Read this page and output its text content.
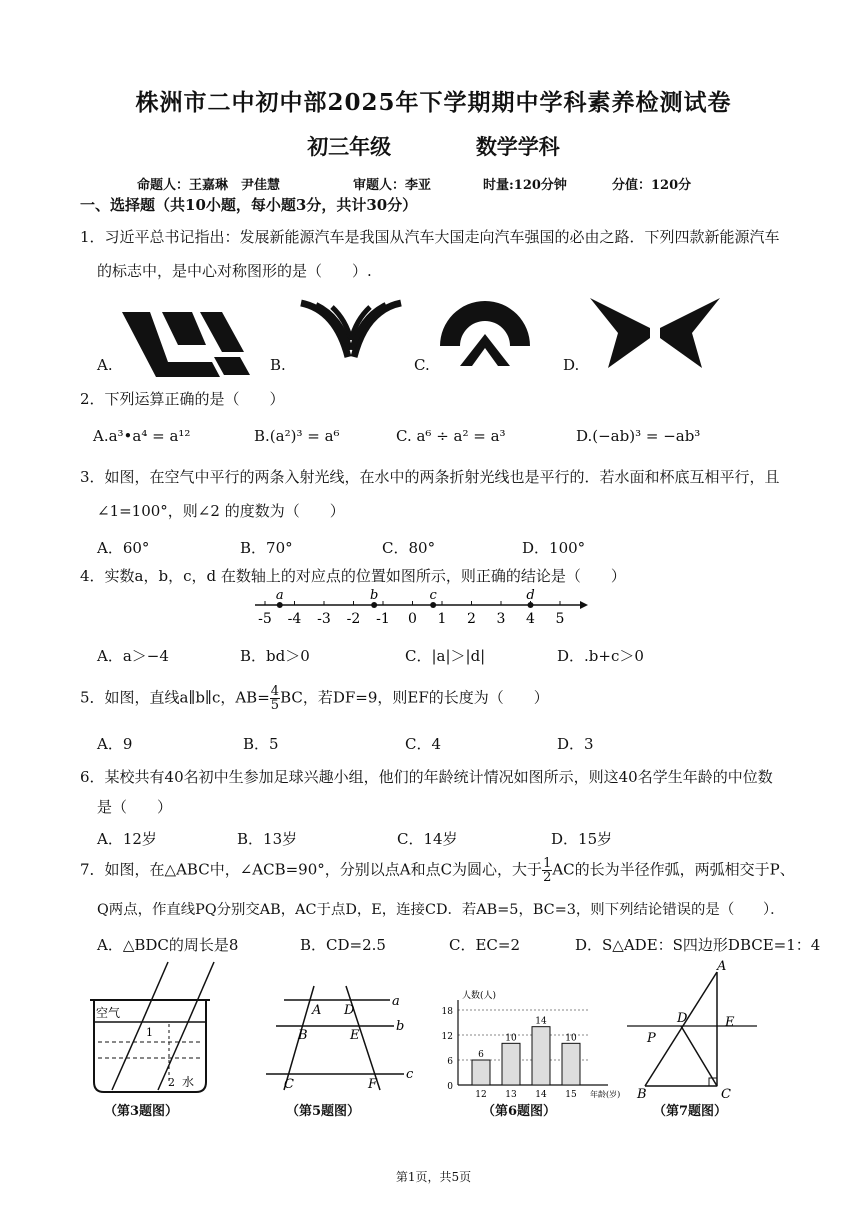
株洲市二中初中部2025年下学期期中学科素养检测试卷
初三年级	数学学科
命题人：王嘉琳　尹佳慧	审题人：李亚	时量:120分钟	分值：120分
一、选择题（共10小题，每小题3分，共计30分）
1．习近平总书记指出：发展新能源汽车是我国从汽车大国走向汽车强国的必由之路．下列四款新能源汽车
的标志中，是中心对称图形的是（　　）.
A.	B.	C.	D.
2．下列运算正确的是（　　）
A.a³•a⁴ = a¹²	B.(a²)³ = a⁶	C. a⁶ ÷ a² = a³	D.(−ab)³ = −ab³
3．如图，在空气中平行的两条入射光线，在水中的两条折射光线也是平行的．若水面和杯底互相平行，且
∠1=100°，则∠2 的度数为（　　）
A．60°	B．70°	C．80°	D．100°
4．实数a，b，c，d 在数轴上的对应点的位置如图所示，则正确的结论是（　　）
-5 -4 -3 -2 -1 0 1 2 3 4 5
a	b	c	d
A．a＞−4	B．bd＞0	C．|a|＞|d|	D．.b+c＞0
5．如图，直线a∥b∥c，$AB= \frac{4}{5}$ BC，若DF=9，则EF的长度为（　　）
A．9	B．5	C．4	D．3
6．某校共有40名初中生参加足球兴趣小组，他们的年龄统计情况如图所示，则这40名学生年龄的中位数
是（　　）
A．12岁	B．13岁	C．14岁	D．15岁
7．如图，在△ABC中，∠ACB=90°，分别以点A和点C为圆心，大于 $\frac{1}{2}$ AC的长为半径作弧，两弧相交于P、
Q两点，作直线PQ分别交AB，AC于点D，E，连接CD．若AB=5，BC=3，则下列结论错误的是（　　）．
A．△BDC的周长是8	B．CD=2.5	C．EC=2	D．S△ADE：S四边形DBCE=1：4
空气
水
1
2
（第3题图）
a
b
c
A D
B	E
C	F
（第5题图）
0
6
12
18
人数(人)
年龄(岁)
6
12
10
13
14
14
10
15
（第6题图）
A
D	E
P
B	C
（第7题图）
第1页，共5页
